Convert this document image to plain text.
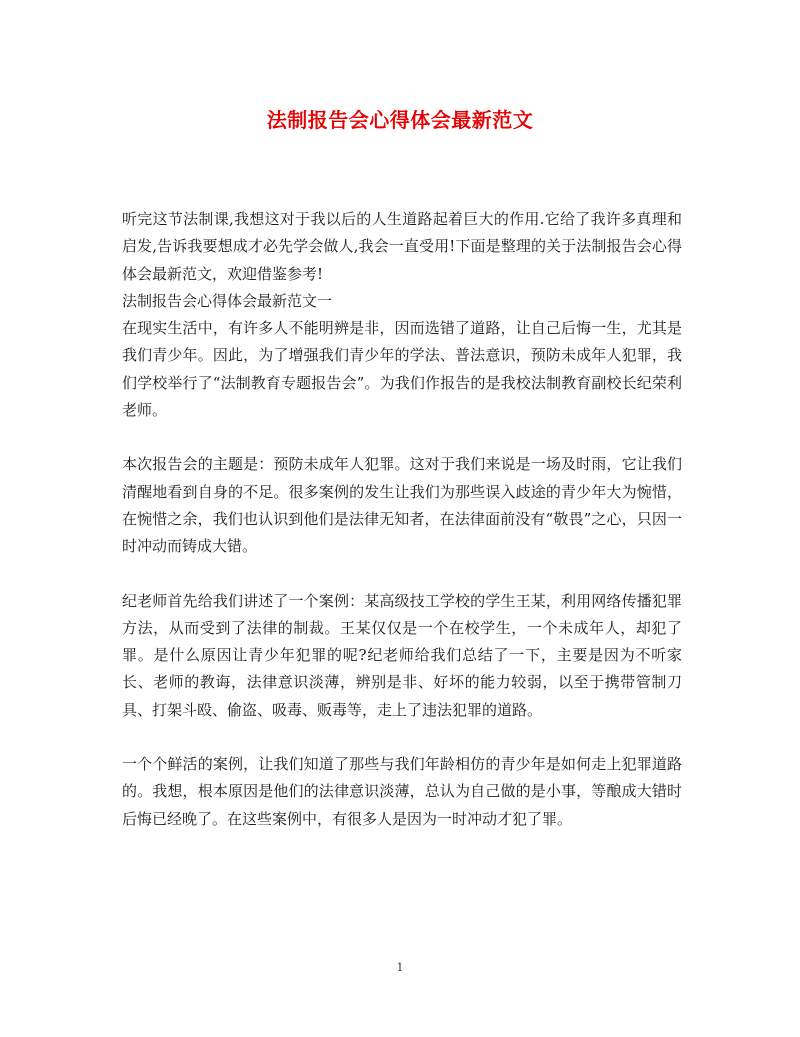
法制报告会心得体会最新范文

听完这节法制课,我想这对于我以后的人生道路起着巨大的作用.它给了我许多真理和启发,告诉我要想成才必先学会做人,我会一直受用!下面是整理的关于法制报告会心得体会最新范文，欢迎借鉴参考!

法制报告会心得体会最新范文一

在现实生活中，有许多人不能明辨是非，因而选错了道路，让自己后悔一生，尤其是我们青少年。因此，为了增强我们青少年的学法、普法意识，预防未成年人犯罪，我们学校举行了“法制教育专题报告会”。为我们作报告的是我校法制教育副校长纪荣利老师。

本次报告会的主题是：预防未成年人犯罪。这对于我们来说是一场及时雨，它让我们清醒地看到自身的不足。很多案例的发生让我们为那些误入歧途的青少年大为惋惜，在惋惜之余，我们也认识到他们是法律无知者，在法律面前没有“敬畏”之心，只因一时冲动而铸成大错。

纪老师首先给我们讲述了一个案例：某高级技工学校的学生王某，利用网络传播犯罪方法，从而受到了法律的制裁。王某仅仅是一个在校学生，一个未成年人，却犯了罪。是什么原因让青少年犯罪的呢?纪老师给我们总结了一下，主要是因为不听家长、老师的教诲，法律意识淡薄，辨别是非、好坏的能力较弱，以至于携带管制刀具、打架斗殴、偷盗、吸毒、贩毒等，走上了违法犯罪的道路。

一个个鲜活的案例，让我们知道了那些与我们年龄相仿的青少年是如何走上犯罪道路的。我想，根本原因是他们的法律意识淡薄，总认为自己做的是小事，等酿成大错时后悔已经晚了。在这些案例中，有很多人是因为一时冲动才犯了罪。

1
